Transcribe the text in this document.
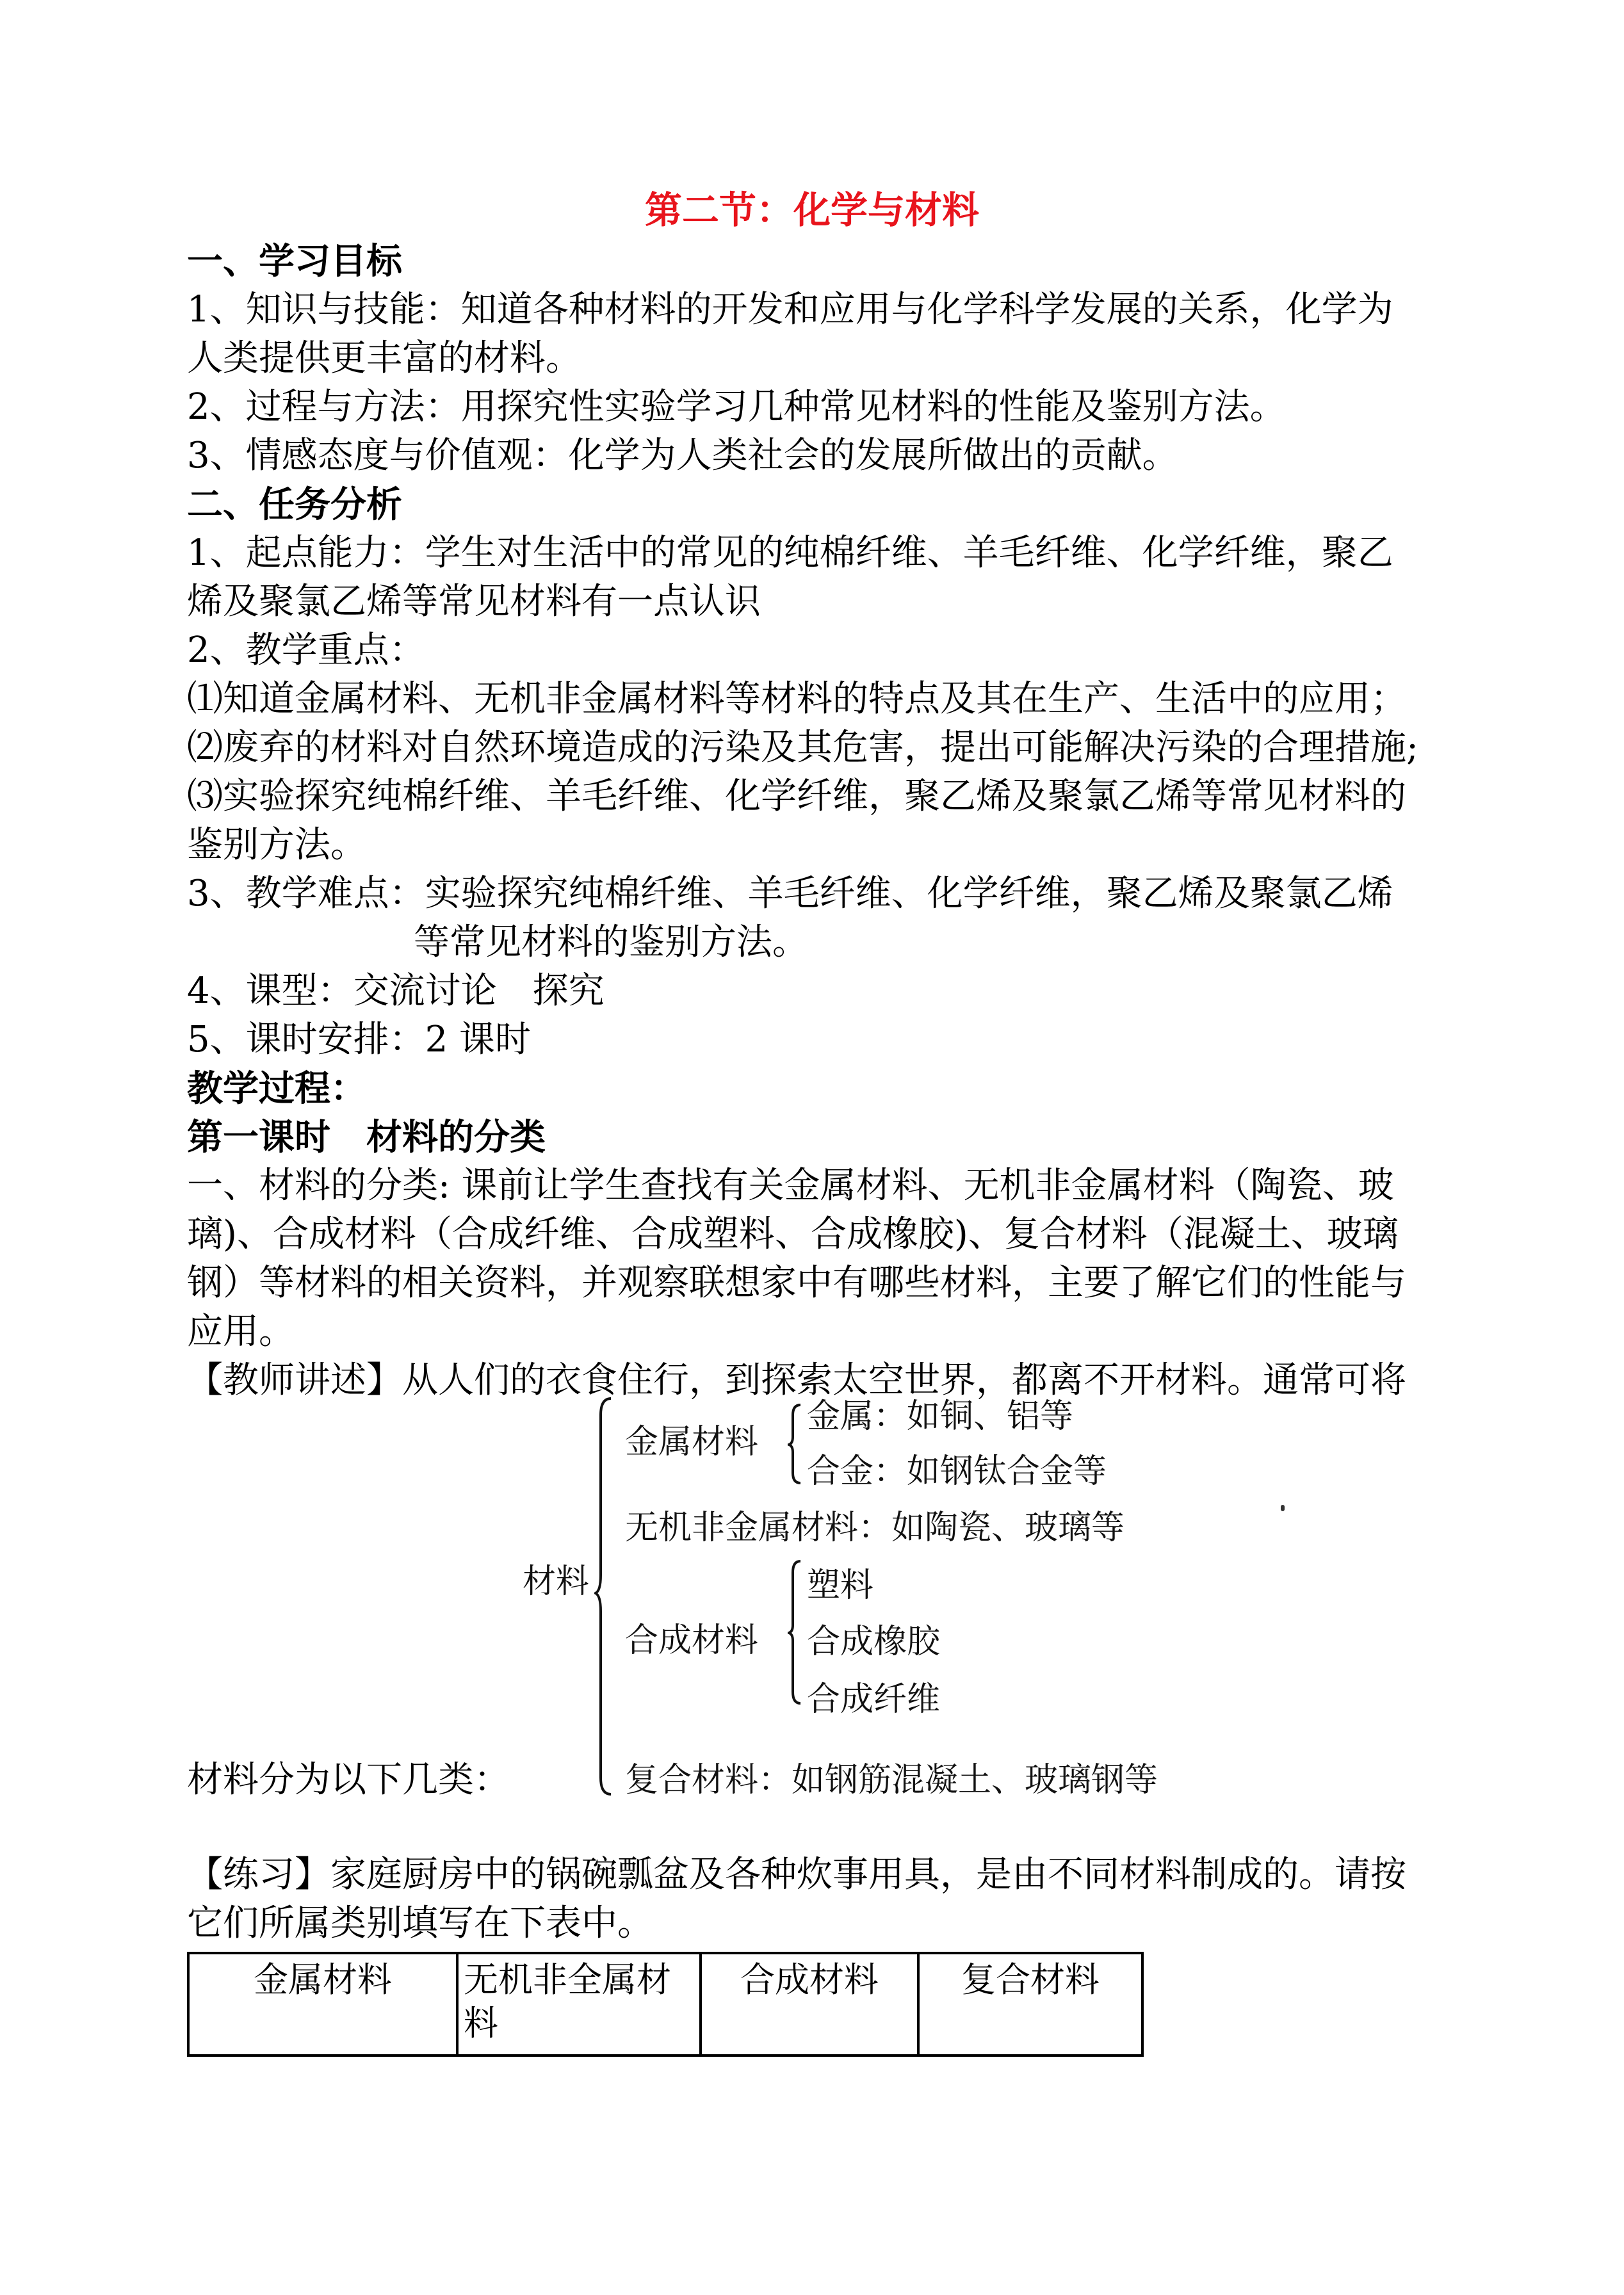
第二节：化学与材料
一、学习目标
1、知识与技能：知道各种材料的开发和应用与化学科学发展的关系，化学为
人类提供更丰富的材料。
2、过程与方法：用探究性实验学习几种常见材料的性能及鉴别方法。
3、情感态度与价值观：化学为人类社会的发展所做出的贡献。
二、任务分析
1、起点能力：学生对生活中的常见的纯棉纤维、羊毛纤维、化学纤维，聚乙
烯及聚氯乙烯等常见材料有一点认识
2、教学重点：
⑴知道金属材料、无机非金属材料等材料的特点及其在生产、生活中的应用；
⑵废弃的材料对自然环境造成的污染及其危害，提出可能解决污染的合理措施;
⑶实验探究纯棉纤维、羊毛纤维、化学纤维，聚乙烯及聚氯乙烯等常见材料的
鉴别方法。
3、教学难点：实验探究纯棉纤维、羊毛纤维、化学纤维，聚乙烯及聚氯乙烯
等常见材料的鉴别方法。
4、课型：交流讨论　探究
5、课时安排：2 课时
教学过程：
第一课时　材料的分类
一、材料的分类: 课前让学生查找有关金属材料、无机非金属材料（陶瓷、玻
璃)、合成材料（合成纤维、合成塑料、合成橡胶)、复合材料（混凝土、玻璃
钢）等材料的相关资料，并观察联想家中有哪些材料，主要了解它们的性能与
应用。
【教师讲述】从人们的衣食住行，到探索太空世界，都离不开材料。通常可将
材料
金属材料
金属：如铜、铝等
合金：如钢钛合金等
无机非金属材料：如陶瓷、玻璃等
合成材料
塑料
合成橡胶
合成纤维
复合材料：如钢筋混凝土、玻璃钢等
材料分为以下几类：
【练习】家庭厨房中的锅碗瓢盆及各种炊事用具，是由不同材料制成的。请按
它们所属类别填写在下表中。
金属材料	无机非全属材料	合成材料	复合材料
